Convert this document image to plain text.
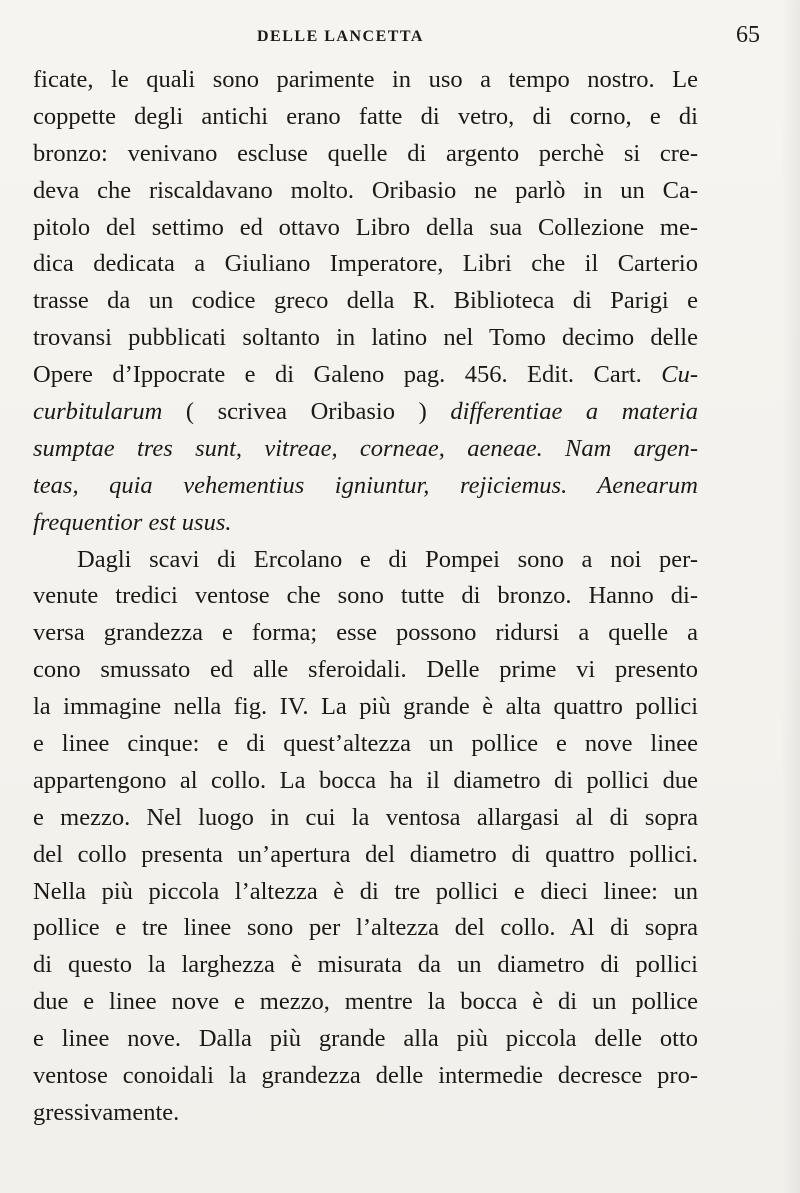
DELLE LANCETTA	65
ficate, le quali sono parimente in uso a tempo nostro. Le
coppette degli antichi erano fatte di vetro, di corno, e di
bronzo: venivano escluse quelle di argento perchè si cre-
deva che riscaldavano molto. Oribasio ne parlò in un Ca-
pitolo del settimo ed ottavo Libro della sua Collezione me-
dica dedicata a Giuliano Imperatore, Libri che il Carterio
trasse da un codice greco della R. Biblioteca di Parigi e
trovansi pubblicati soltanto in latino nel Tomo decimo delle
Opere d’Ippocrate e di Galeno pag. 456. Edit. Cart. Cu-
curbitularum ( scrivea Oribasio ) differentiae a materia
sumptae tres sunt, vitreae, corneae, aeneae. Nam argen-
teas, quia vehementius igniuntur, rejiciemus. Aenearum
frequentior est usus.
Dagli scavi di Ercolano e di Pompei sono a noi per-
venute tredici ventose che sono tutte di bronzo. Hanno di-
versa grandezza e forma; esse possono ridursi a quelle a
cono smussato ed alle sferoidali. Delle prime vi presento
la immagine nella fig. IV. La più grande è alta quattro pollici
e linee cinque: e di quest’altezza un pollice e nove linee
appartengono al collo. La bocca ha il diametro di pollici due
e mezzo. Nel luogo in cui la ventosa allargasi al di sopra
del collo presenta un’apertura del diametro di quattro pollici.
Nella più piccola l’altezza è di tre pollici e dieci linee: un
pollice e tre linee sono per l’altezza del collo. Al di sopra
di questo la larghezza è misurata da un diametro di pollici
due e linee nove e mezzo, mentre la bocca è di un pollice
e linee nove. Dalla più grande alla più piccola delle otto
ventose conoidali la grandezza delle intermedie decresce pro-
gressivamente.
